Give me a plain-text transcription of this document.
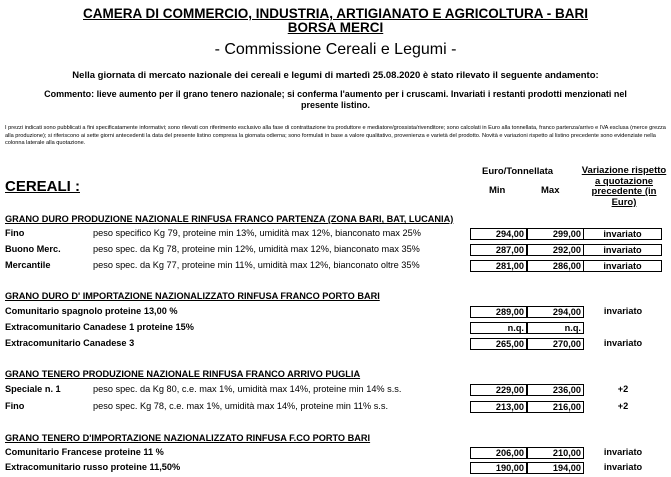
CAMERA DI COMMERCIO, INDUSTRIA, ARTIGIANATO E AGRICOLTURA - BARI
BORSA MERCI
- Commissione Cereali e Legumi -
Nella giornata di mercato nazionale dei cereali e legumi di martedì 25.08.2020 è stato rilevato il seguente andamento:
Commento: lieve aumento per il grano tenero nazionale; si conferma l'aumento per i cruscami. Invariati i restanti prodotti menzionati nel presente listino.
I prezzi indicati sono pubblicati a fini specificatamente informativi; sono rilevati con riferimento esclusivo alla fase di contrattazione tra produttore e mediatore/grossista/rivenditore; sono calcolati in Euro alla tonnellata, franco partenza/arrivo e IVA esclusa (merce grezza alla produzione); si riferiscono ai sette giorni antecedenti la data del presente listino compresa la giornata odierna; sono formulati in base a valore qualitativo, provenienza e varietà del prodotto. Novità e variazioni rispetto al listino precedente sono evidenziate nella colonna laterale alla quotazione.
CEREALI :
Euro/Tonnellata
Min	Max
Variazione rispetto a quotazione precedente (in Euro)
GRANO DURO PRODUZIONE NAZIONALE RINFUSA FRANCO PARTENZA (ZONA BARI, BAT, LUCANIA)
Fino	peso specifico Kg 79, proteine min 13%, umidità max 12%, bianconato max 25%	294,00	299,00	invariato
Buono Merc.	peso spec. da Kg 78, proteine min 12%, umidità max 12%, bianconato max 35%	287,00	292,00	invariato
Mercantile	peso spec. da Kg 77, proteine min 11%, umidità max 12%, bianconato oltre 35%	281,00	286,00	invariato
GRANO DURO D' IMPORTAZIONE NAZIONALIZZATO RINFUSA FRANCO PORTO BARI
Comunitario spagnolo proteine 13,00 %	289,00	294,00	invariato
Extracomunitario Canadese 1 proteine 15%	n.q.	n.q.
Extracomunitario Canadese 3	265,00	270,00	invariato
GRANO TENERO PRODUZIONE NAZIONALE RINFUSA FRANCO ARRIVO PUGLIA
Speciale n. 1	peso spec. da Kg 80, c.e. max 1%, umidità max 14%, proteine min 14% s.s.	229,00	236,00	+2
Fino	peso spec. Kg 78, c.e. max 1%, umidità max 14%, proteine min 11% s.s.	213,00	216,00	+2
GRANO TENERO D'IMPORTAZIONE NAZIONALIZZATO RINFUSA F.CO PORTO BARI
Comunitario Francese proteine 11 %	206,00	210,00	invariato
Extracomunitario russo proteine 11,50%	190,00	194,00	invariato
